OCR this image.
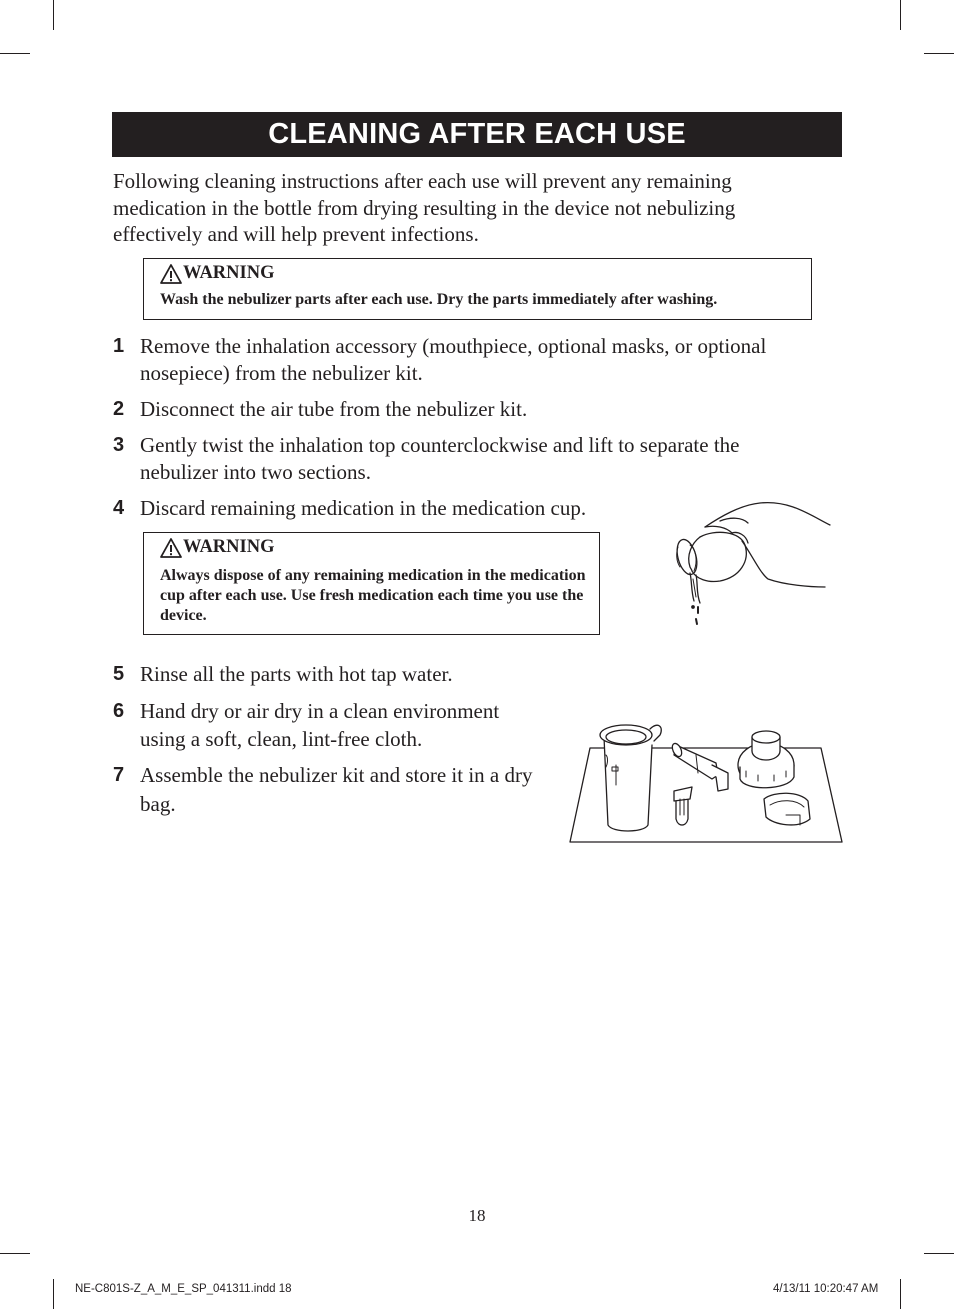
CLEANING AFTER EACH USE
Following cleaning instructions after each use will prevent any remaining medication in the bottle from drying resulting in the device not nebulizing effectively and will help prevent infections.
WARNING
Wash the nebulizer parts after each use. Dry the parts immediately after washing.
1 Remove the inhalation accessory (mouthpiece, optional masks, or optional nosepiece) from the nebulizer kit.
2 Disconnect the air tube from the nebulizer kit.
3 Gently twist the inhalation top counterclockwise and lift to separate the nebulizer into two sections.
4 Discard remaining medication in the medication cup.
WARNING
Always dispose of any remaining medication in the medication cup after each use. Use fresh medication each time you use the device.
5 Rinse all the parts with hot tap water.
6 Hand dry or air dry in a clean environment using a soft, clean, lint-free cloth.
7 Assemble the nebulizer kit and store it in a dry bag.
18
NE-C801S-Z_A_M_E_SP_041311.indd 18	4/13/11 10:20:47 AM
